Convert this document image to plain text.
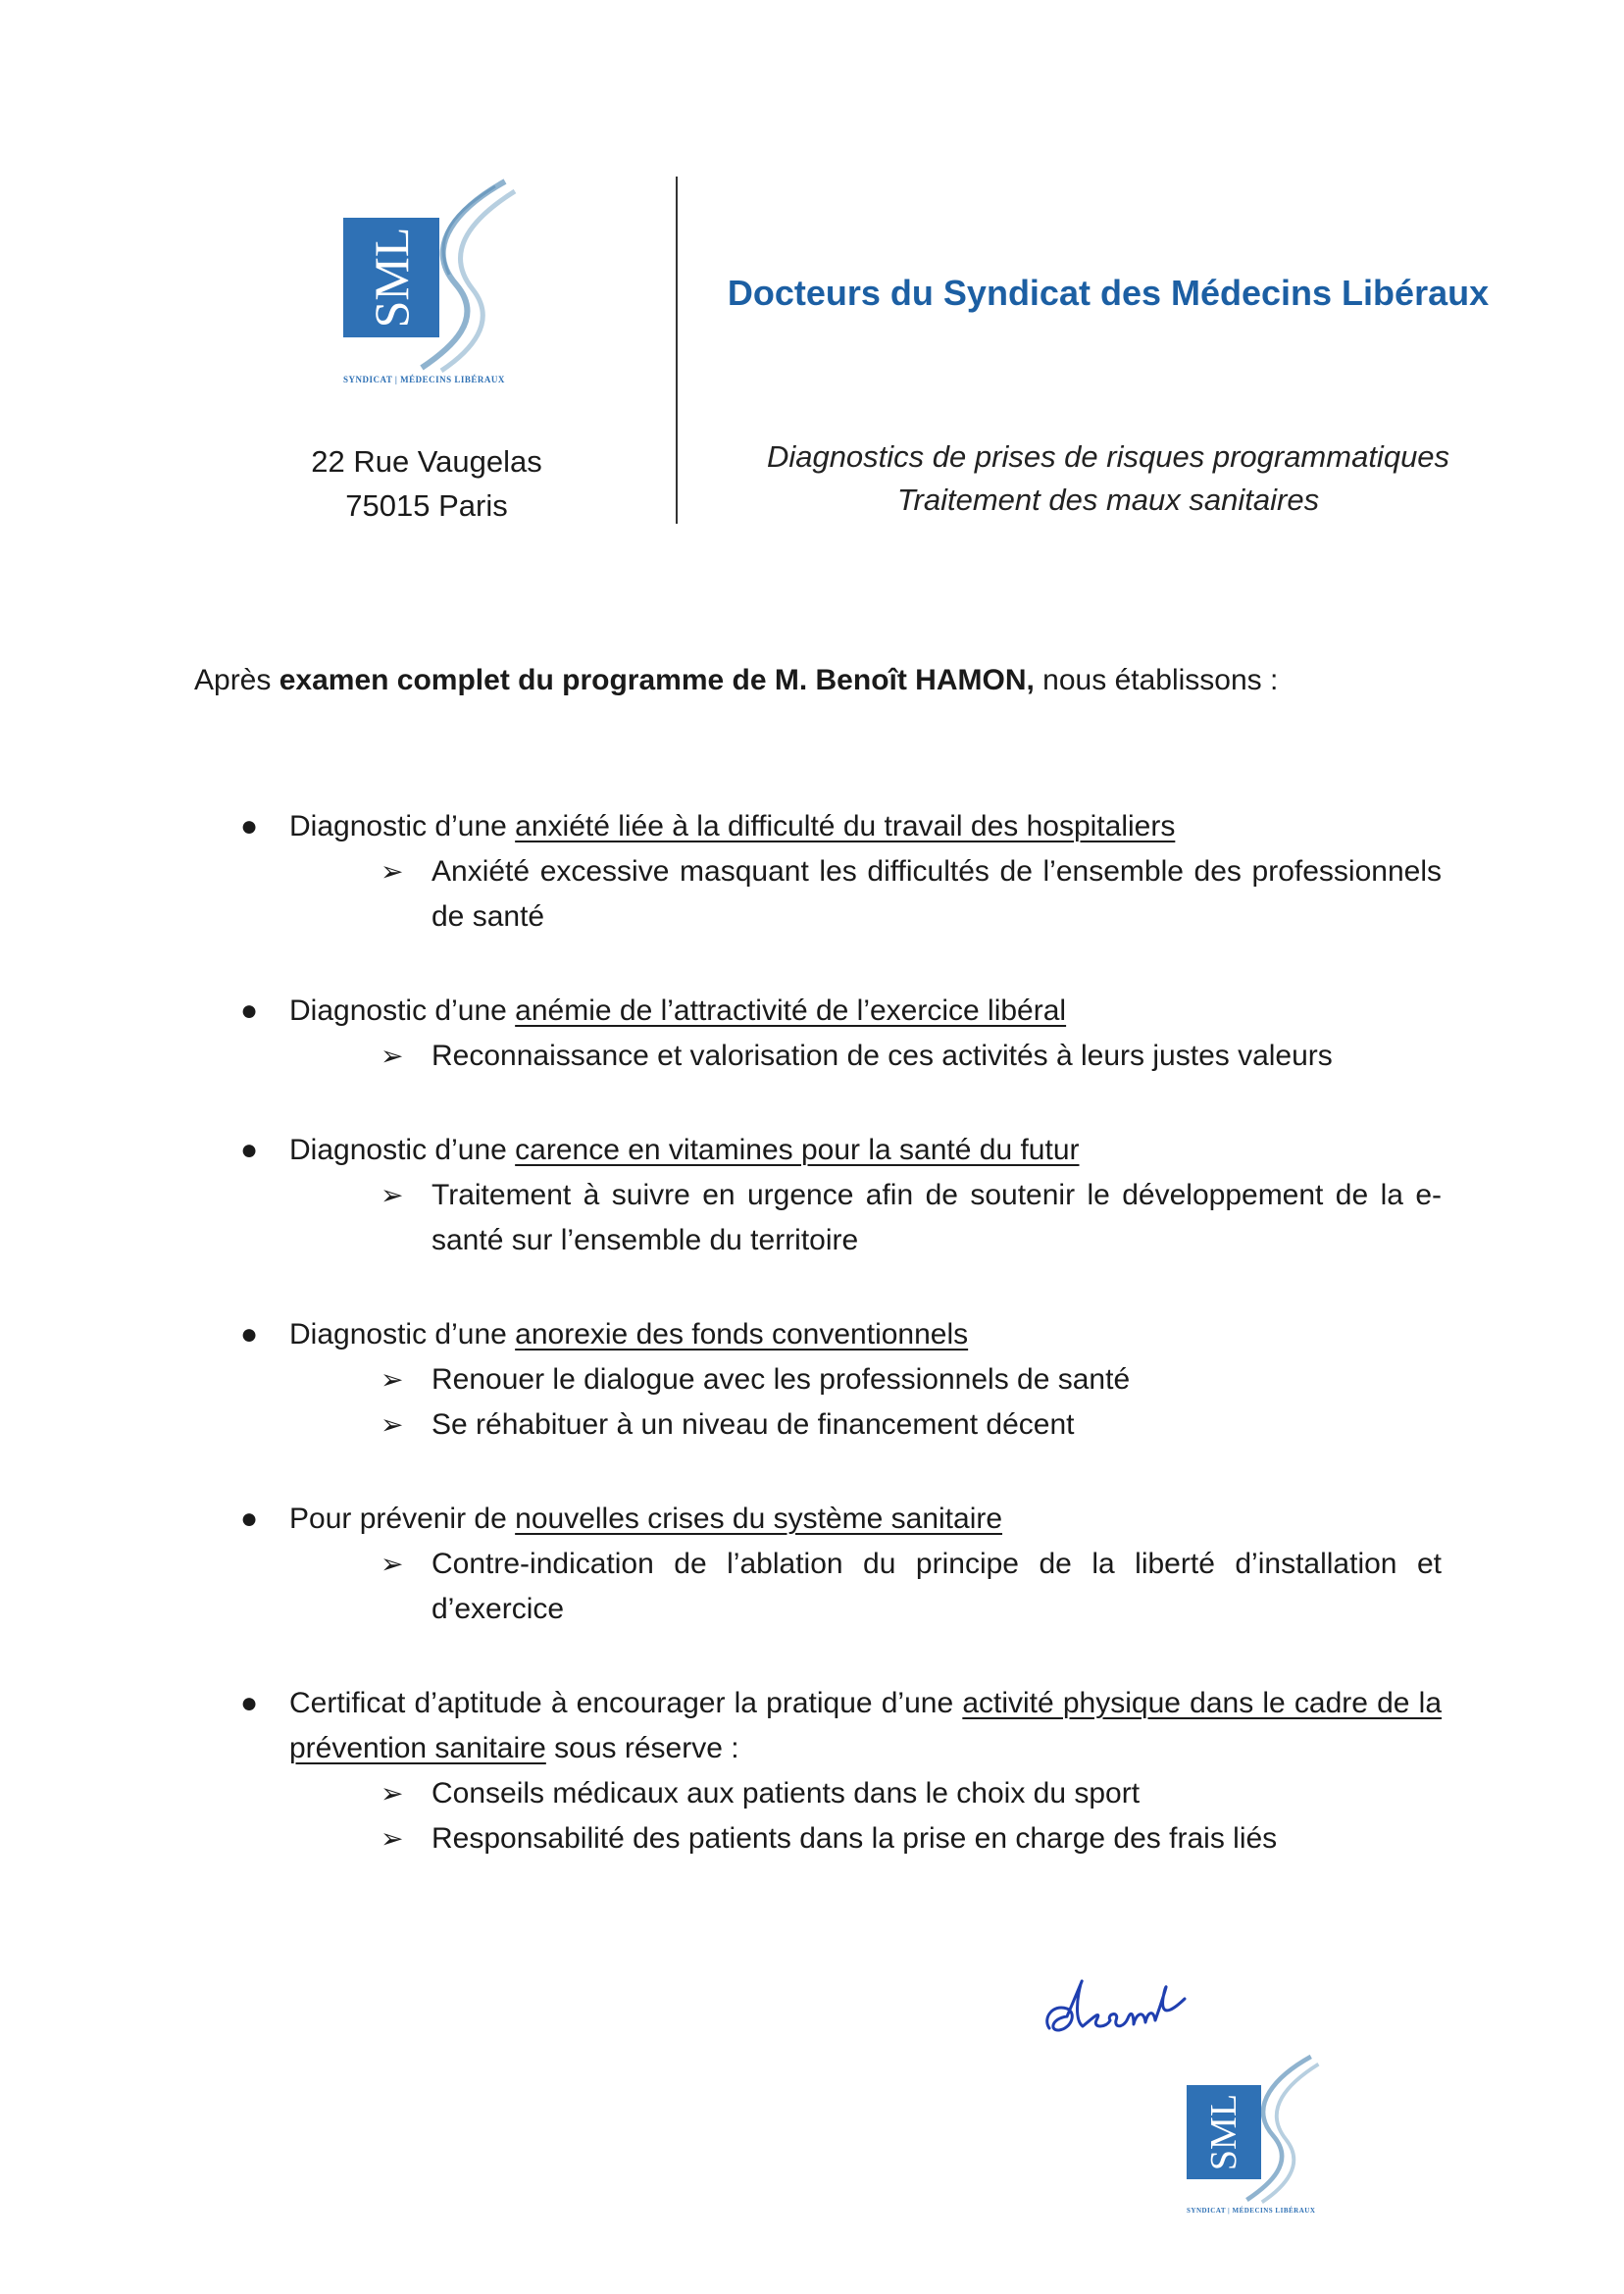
SML
SYNDICAT | MÉDECINS LIBÉRAUX
22 Rue Vaugelas
75015 Paris
Docteurs du Syndicat des Médecins Libéraux
Diagnostics de prises de risques programmatiques
Traitement des maux sanitaires
Après examen complet du programme de M. Benoît HAMON, nous établissons :
●	Diagnostic d’une anxiété liée à la difficulté du travail des hospitaliers
➢ Anxiété excessive masquant les difficultés de l’ensemble des professionnels de santé
●	Diagnostic d’une anémie de l’attractivité de l’exercice libéral
➢ Reconnaissance et valorisation de ces activités à leurs justes valeurs
●	Diagnostic d’une carence en vitamines pour la santé du futur
➢ Traitement à suivre en urgence afin de soutenir le développement de la e-santé sur l’ensemble du territoire
●	Diagnostic d’une anorexie des fonds conventionnels
➢ Renouer le dialogue avec les professionnels de santé
➢ Se réhabituer à un niveau de financement décent
●	Pour prévenir de nouvelles crises du système sanitaire
➢ Contre-indication de l’ablation du principe de la liberté d’installation et d’exercice
●	Certificat d’aptitude à encourager la pratique d’une activité physique dans le cadre de la prévention sanitaire sous réserve :
➢ Conseils médicaux aux patients dans le choix du sport
➢ Responsabilité des patients dans la prise en charge des frais liés
SML
SYNDICAT | MÉDECINS LIBÉRAUX
